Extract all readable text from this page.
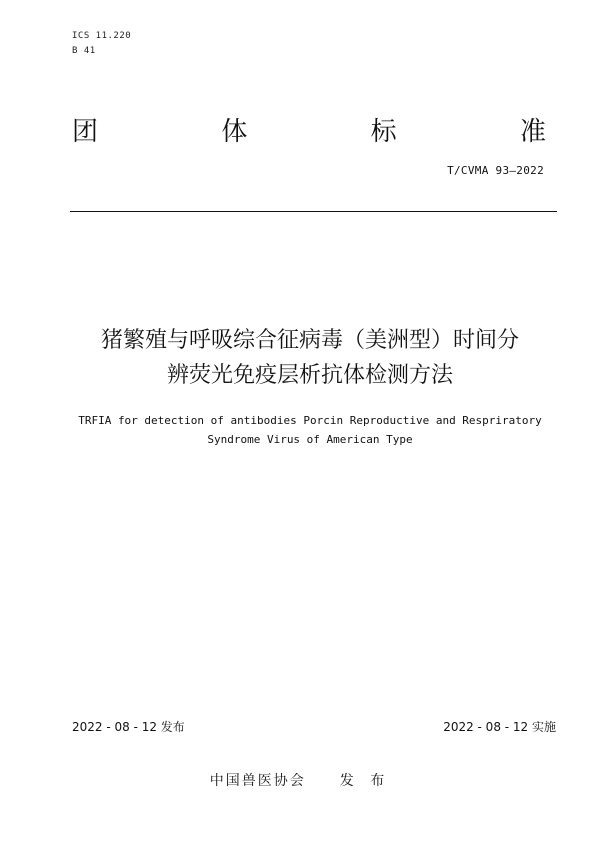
ICS 11.220
B 41
团	体	标	准
T/CVMA 93—2022
猪繁殖与呼吸综合征病毒（美洲型）时间分
辨荧光免疫层析抗体检测方法
TRFIA for detection of antibodies Porcin Reproductive and Respriratory
Syndrome Virus of American Type
2022 - 08 - 12 发布	2022 - 08 - 12 实施
中国兽医协会 发 布
